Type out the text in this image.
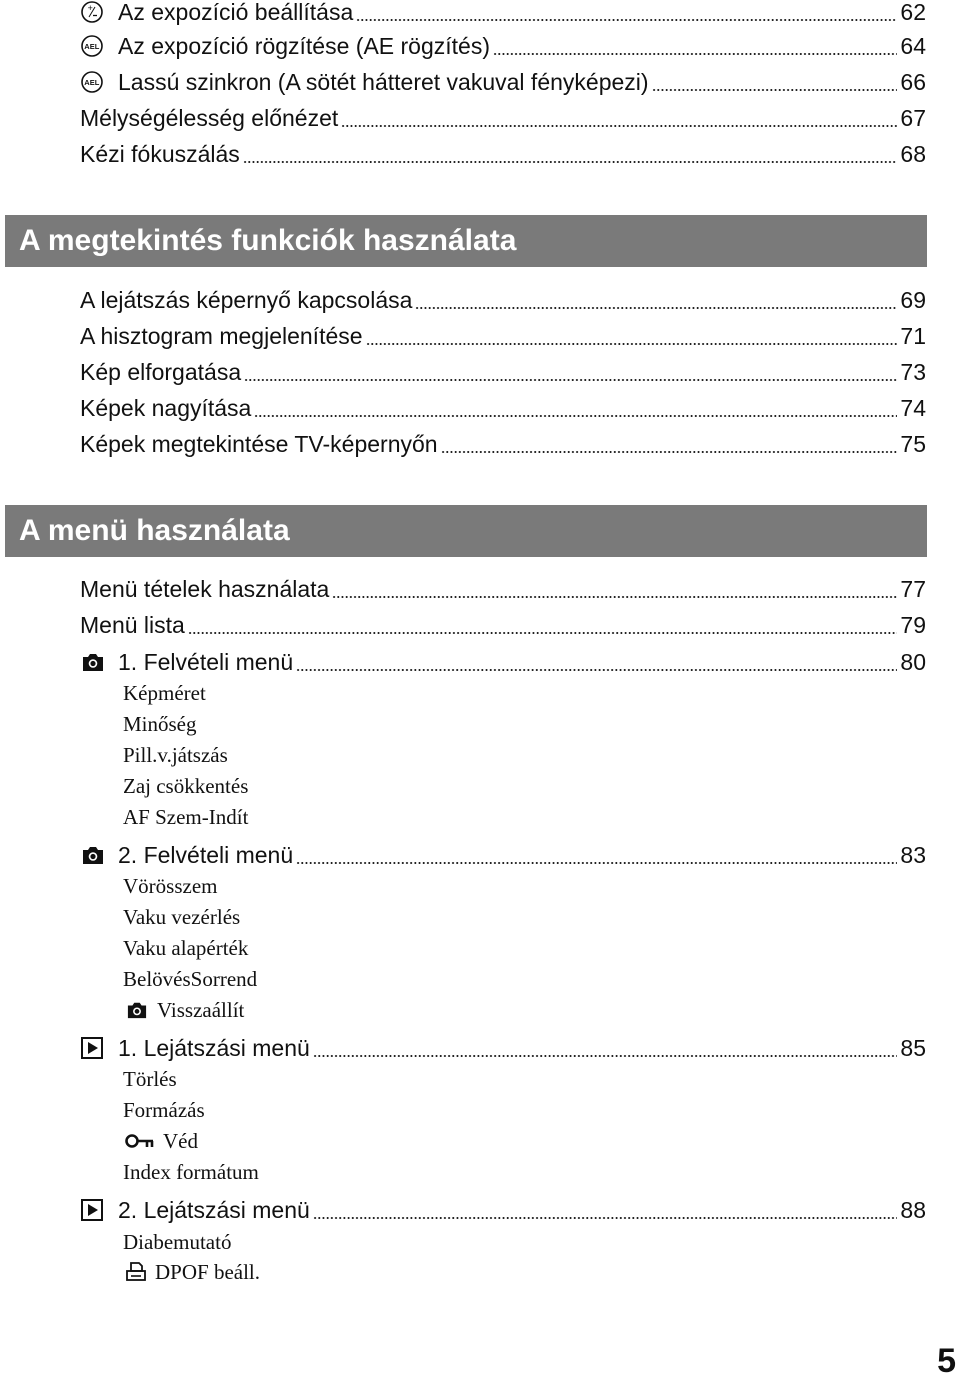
+ Az expozíció beállítása	62
AEL Az expozíció rögzítése (AE rögzítés)	64
AEL Lassú szinkron (A sötét hátteret vakuval fényképezi)	66
Mélységélesség előnézet	67
Kézi fókuszálás	68
A megtekintés funkciók használata
A lejátszás képernyő kapcsolása	69
A hisztogram megjelenítése	71
Kép elforgatása	73
Képek nagyítása	74
Képek megtekintése TV-képernyőn	75
A menü használata
Menü tételek használata	77
Menü lista	79
1. Felvételi menü	80
Képméret
Minőség
Pill.v.játszás
Zaj csökkentés
AF Szem-Indít
2. Felvételi menü	83
Vörösszem
Vaku vezérlés
Vaku alapérték
BelövésSorrend
Visszaállít
1. Lejátszási menü	85
Törlés
Formázás
Véd
Index formátum
2. Lejátszási menü	88
Diabemutató
DPOF beáll.
5
